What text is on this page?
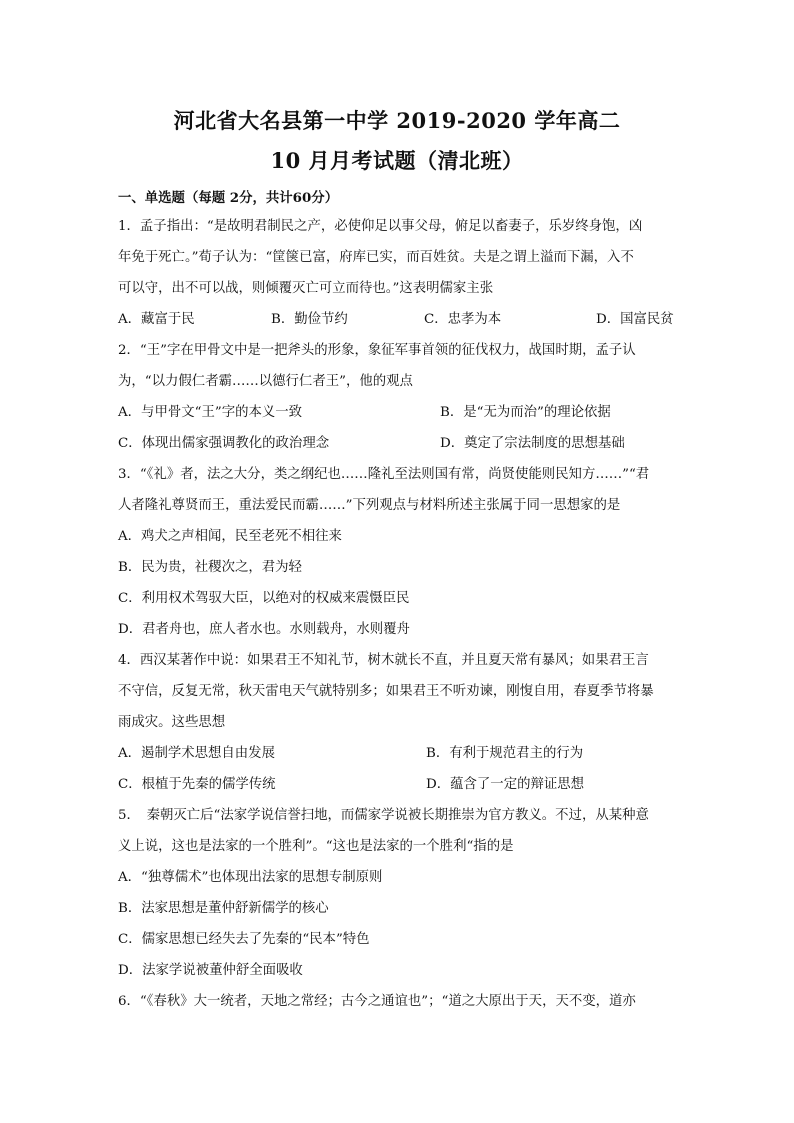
河北省大名县第一中学 2019-2020 学年高二
10 月月考试题（清北班）
一、单选题（每题 2分，共计60分）
1．孟子指出：“是故明君制民之产，必使仰足以事父母，俯足以畜妻子，乐岁终身饱，凶
年免于死亡。”荀子认为：“筐箧已富，府库已实，而百姓贫。夫是之谓上溢而下漏，入不
可以守，出不可以战，则倾覆灭亡可立而待也。”这表明儒家主张
A．藏富于民	B．勤俭节约	C．忠孝为本	D．国富民贫
2．“王”字在甲骨文中是一把斧头的形象，象征军事首领的征伐权力，战国时期，孟子认
为，“以力假仁者霸……以德行仁者王”，他的观点
A．与甲骨文“王”字的本义一致	B．是“无为而治”的理论依据
C．体现出儒家强调教化的政治理念	D．奠定了宗法制度的思想基础
3．“《礼》者，法之大分，类之纲纪也……隆礼至法则国有常，尚贤使能则民知方……”“君
人者隆礼尊贤而王，重法爱民而霸……”下列观点与材料所述主张属于同一思想家的是
A．鸡犬之声相闻，民至老死不相往来
B．民为贵，社稷次之，君为轻
C．利用权术驾驭大臣，以绝对的权威来震慑臣民
D．君者舟也，庶人者水也。水则载舟，水则覆舟
4．西汉某著作中说：如果君王不知礼节，树木就长不直，并且夏天常有暴风；如果君王言
不守信，反复无常，秋天雷电天气就特别多；如果君王不听劝谏，刚愎自用，春夏季节将暴
雨成灾。这些思想
A．遏制学术思想自由发展	B．有利于规范君主的行为
C．根植于先秦的儒学传统	D．蕴含了一定的辩证思想
5．　秦朝灭亡后“法家学说信誉扫地，而儒家学说被长期推崇为官方教义。不过，从某种意
义上说，这也是法家的一个胜利”。“这也是法家的一个胜利“指的是
A．“独尊儒术”也体现出法家的思想专制原则
B．法家思想是董仲舒新儒学的核心
C．儒家思想已经失去了先秦的“民本”特色
D．法家学说被董仲舒全面吸收
6．“《春秋》大一统者，天地之常经；古今之通谊也”；“道之大原出于天，天不变，道亦
